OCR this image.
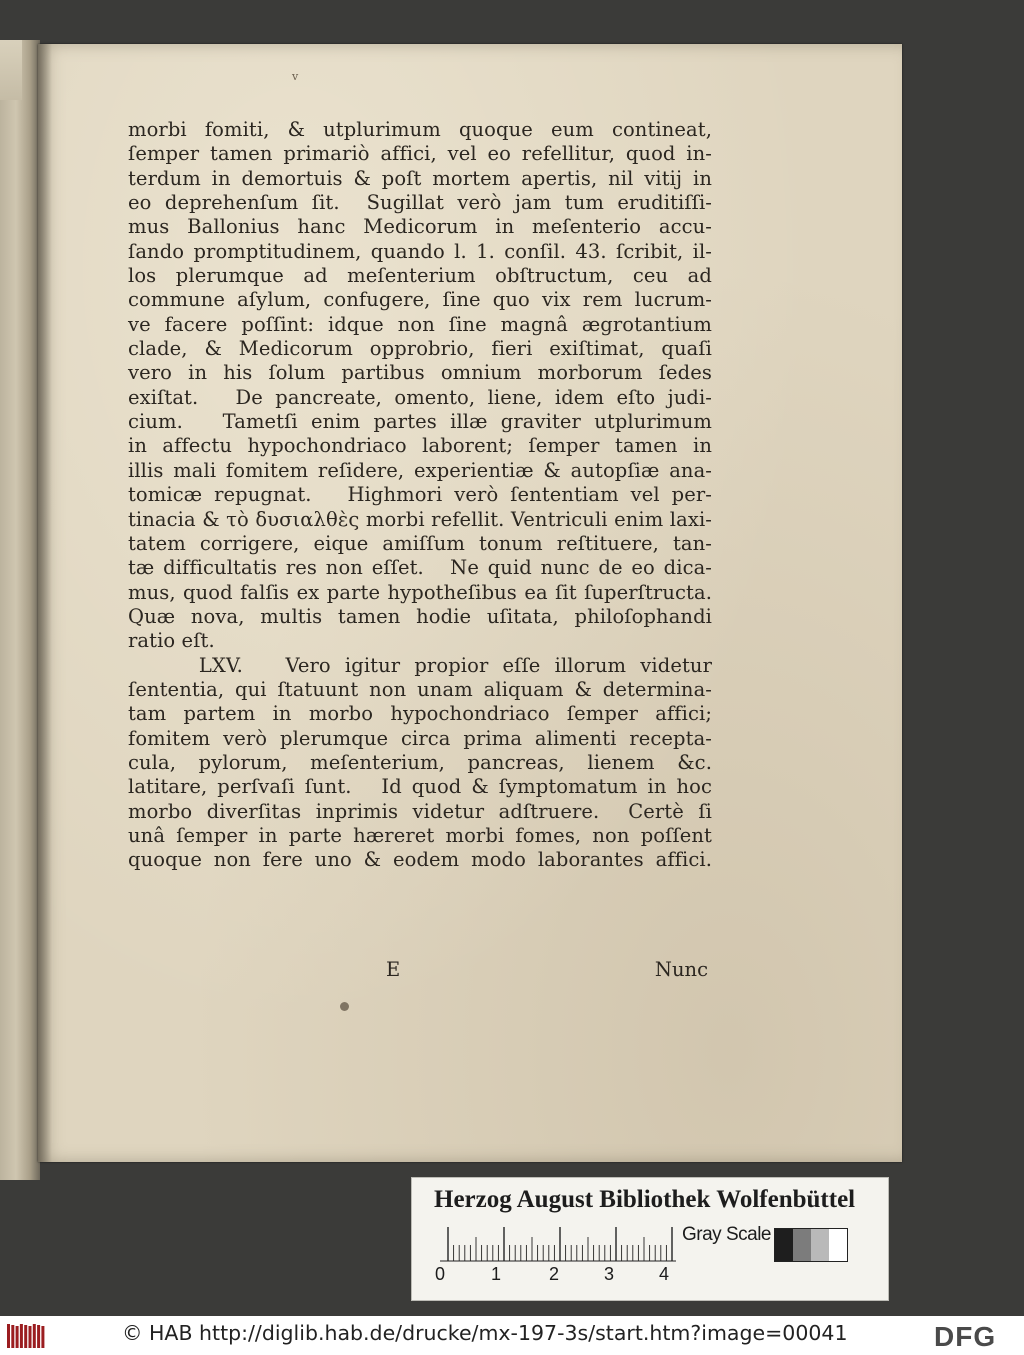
v
morbi fomiti, & utplurimum quoque eum contineat,
ſemper tamen primariò affici, vel eo refellitur, quod in-
terdum in demortuis & poſt mortem apertis, nil vitij in
eo deprehenſum ſit.  Sugillat verò jam tum eruditiſſi-
mus Ballonius hanc Medicorum in meſenterio accu-
ſando promptitudinem, quando l. 1. conſil. 43. ſcribit, il-
los plerumque ad meſenterium obſtructum, ceu ad
commune aſylum, confugere, ſine quo vix rem lucrum-
ve facere poſſint: idque non ſine magnâ ægrotantium
clade, & Medicorum opprobrio, fieri exiſtimat, quaſi
vero in his ſolum partibus omnium morborum ſedes
exiſtat.   De pancreate, omento, liene, idem eſto judi-
cium.   Tametſi enim partes illæ graviter utplurimum
in affectu hypochondriaco laborent; ſemper tamen in
illis mali fomitem reſidere, experientiæ & autopſiæ ana-
tomicæ repugnat.   Highmori verò ſententiam vel per-
tinacia & τὸ δυσιαλθὲς morbi refellit. Ventriculi enim laxi-
tatem corrigere, eique amiſſum tonum reſtituere, tan-
tæ difficultatis res non eſſet.   Ne quid nunc de eo dica-
mus, quod falſis ex parte hypotheſibus ea ſit ſuperſtructa.
Quæ nova, multis tamen hodie uſitata, philoſophandi
ratio eſt.
LXV.   Vero igitur propior eſſe illorum videtur
ſententia, qui ſtatuunt non unam aliquam & determina-
tam partem in morbo hypochondriaco ſemper affici;
fomitem verò plerumque circa prima alimenti recepta-
cula, pylorum, meſenterium, pancreas, lienem &c.
latitare, perſvaſi ſunt.   Id quod & ſymptomatum in hoc
morbo diverſitas inprimis videtur adſtruere.  Certè ſi
unâ ſemper in parte hæreret morbi fomes, non poſſent
quoque non fere uno & eodem modo laborantes affici.
E	Nunc
Herzog August Bibliothek Wolfenbüttel
0	1	2 3 4
Gray Scale
© HAB http://diglib.hab.de/drucke/mx-197-3s/start.htm?image=00041	DFG
